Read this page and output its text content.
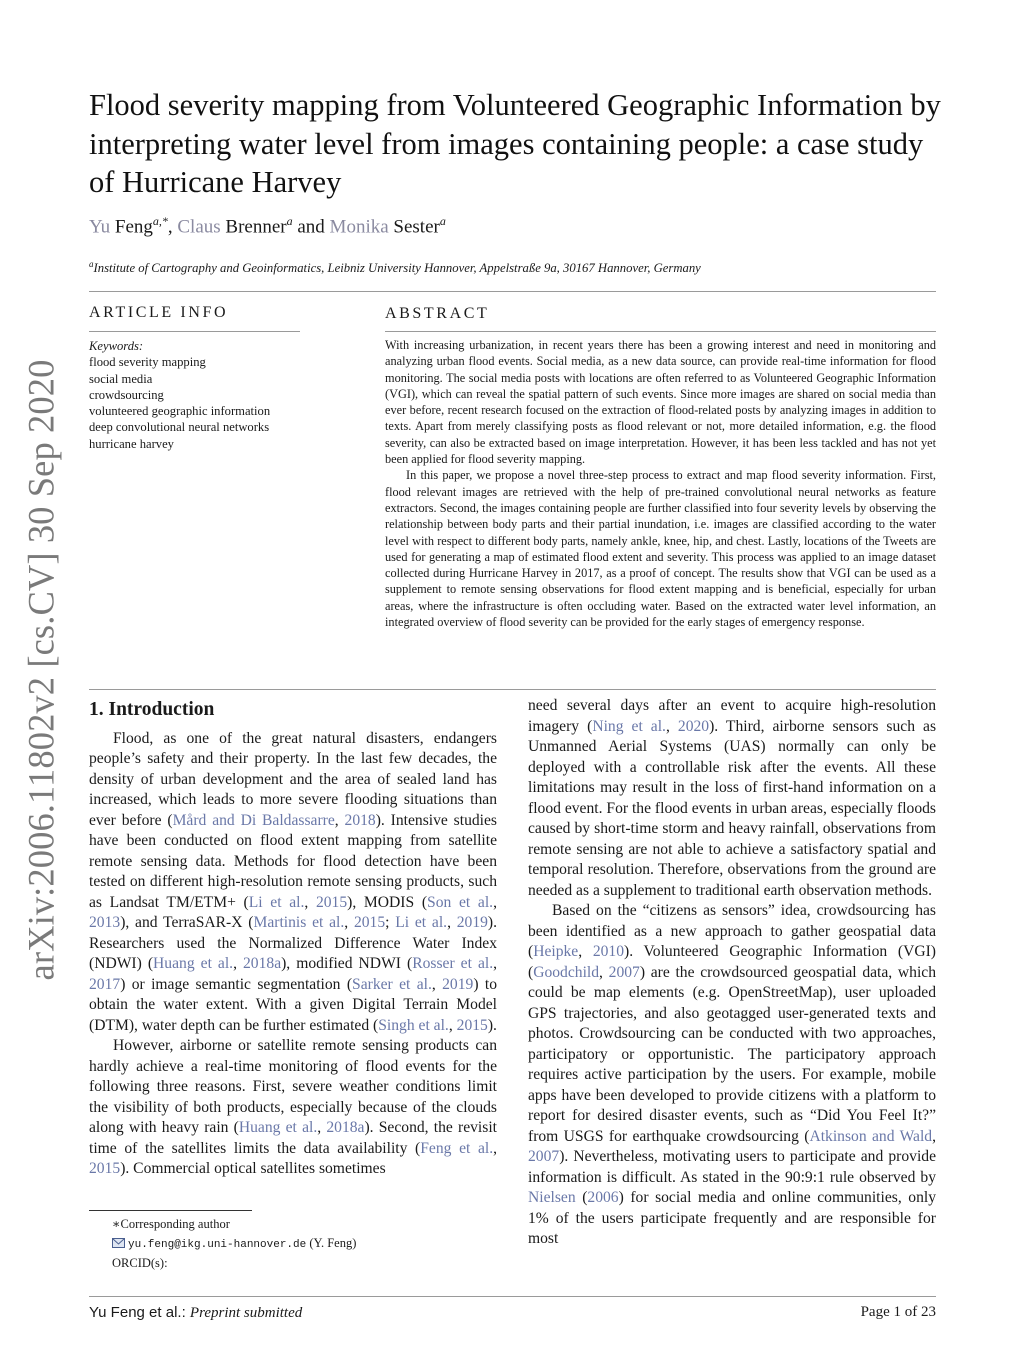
arXiv:2006.11802v2 [cs.CV] 30 Sep 2020
Flood severity mapping from Volunteered Geographic Information by interpreting water level from images containing people: a case study of Hurricane Harvey
Yu Feng$^{a,*}$, Claus Brenner$^a$ and Monika Sester$^a$
$^a$Institute of Cartography and Geoinformatics, Leibniz University Hannover, Appelstraße 9a, 30167 Hannover, Germany
ARTICLE INFO
Keywords:
flood severity mapping
social media
crowdsourcing
volunteered geographic information
deep convolutional neural networks
hurricane harvey
ABSTRACT

With increasing urbanization, in recent years there has been a growing interest and need in monitoring and analyzing urban flood events. Social media, as a new data source, can provide real-time information for flood monitoring. The social media posts with locations are often referred to as Volunteered Geographic Information (VGI), which can reveal the spatial pattern of such events. Since more images are shared on social media than ever before, recent research focused on the extraction of flood-related posts by analyzing images in addition to texts. Apart from merely classifying posts as flood relevant or not, more detailed information, e.g. the flood severity, can also be extracted based on image interpretation. However, it has been less tackled and has not yet been applied for flood severity mapping.

In this paper, we propose a novel three-step process to extract and map flood severity information. First, flood relevant images are retrieved with the help of pre-trained convolutional neural networks as feature extractors. Second, the images containing people are further classified into four severity levels by observing the relationship between body parts and their partial inundation, i.e. images are classified according to the water level with respect to different body parts, namely ankle, knee, hip, and chest. Lastly, locations of the Tweets are used for generating a map of estimated flood extent and severity. This process was applied to an image dataset collected during Hurricane Harvey in 2017, as a proof of concept. The results show that VGI can be used as a supplement to remote sensing observations for flood extent mapping and is beneficial, especially for urban areas, where the infrastructure is often occluding water. Based on the extracted water level information, an integrated overview of flood severity can be provided for the early stages of emergency response.

1. Introduction

Flood, as one of the great natural disasters, endangers people’s safety and their property. In the last few decades, the density of urban development and the area of sealed land has increased, which leads to more severe flooding situations than ever before (Mård and Di Baldassarre, 2018). Intensive studies have been conducted on flood extent mapping from satellite remote sensing data. Methods for flood detection have been tested on different high-resolution remote sensing products, such as Landsat TM/ETM+ (Li et al., 2015), MODIS (Son et al., 2013), and TerraSAR-X (Martinis et al., 2015; Li et al., 2019). Researchers used the Normalized Difference Water Index (NDWI) (Huang et al., 2018a), modified NDWI (Rosser et al., 2017) or image semantic segmentation (Sarker et al., 2019) to obtain the water extent. With a given Digital Terrain Model (DTM), water depth can be further estimated (Singh et al., 2015).

However, airborne or satellite remote sensing products can hardly achieve a real-time monitoring of flood events for the following three reasons. First, severe weather conditions limit the visibility of both products, especially because of the clouds along with heavy rain (Huang et al., 2018a). Second, the revisit time of the satellites limits the data availability (Feng et al., 2015). Commercial optical satellites sometimes

need several days after an event to acquire high-resolution imagery (Ning et al., 2020). Third, airborne sensors such as Unmanned Aerial Systems (UAS) normally can only be deployed with a controllable risk after the events. All these limitations may result in the loss of first-hand information on a flood event. For the flood events in urban areas, especially floods caused by short-time storm and heavy rainfall, observations from remote sensing are not able to achieve a satisfactory spatial and temporal resolution. Therefore, observations from the ground are needed as a supplement to traditional earth observation methods.

Based on the “citizens as sensors” idea, crowdsourcing has been identified as a new approach to gather geospatial data (Heipke, 2010). Volunteered Geographic Information (VGI) (Goodchild, 2007) are the crowdsourced geospatial data, which could be map elements (e.g. OpenStreetMap), user uploaded GPS trajectories, and also geotagged user-generated texts and photos. Crowdsourcing can be conducted with two approaches, participatory or opportunistic. The participatory approach requires active participation by the users. For example, mobile apps have been developed to provide citizens with a platform to report for desired disaster events, such as “Did You Feel It?” from USGS for earthquake crowdsourcing (Atkinson and Wald, 2007). Nevertheless, motivating users to participate and provide information is difficult. As stated in the 90:9:1 rule observed by Nielsen (2006) for social media and online communities, only 1% of the users participate frequently and are responsible for most

∗Corresponding author
yu.feng@ikg.uni-hannover.de (Y. Feng)
ORCID(s):
Yu Feng et al.: Preprint submitted	Page 1 of 23
